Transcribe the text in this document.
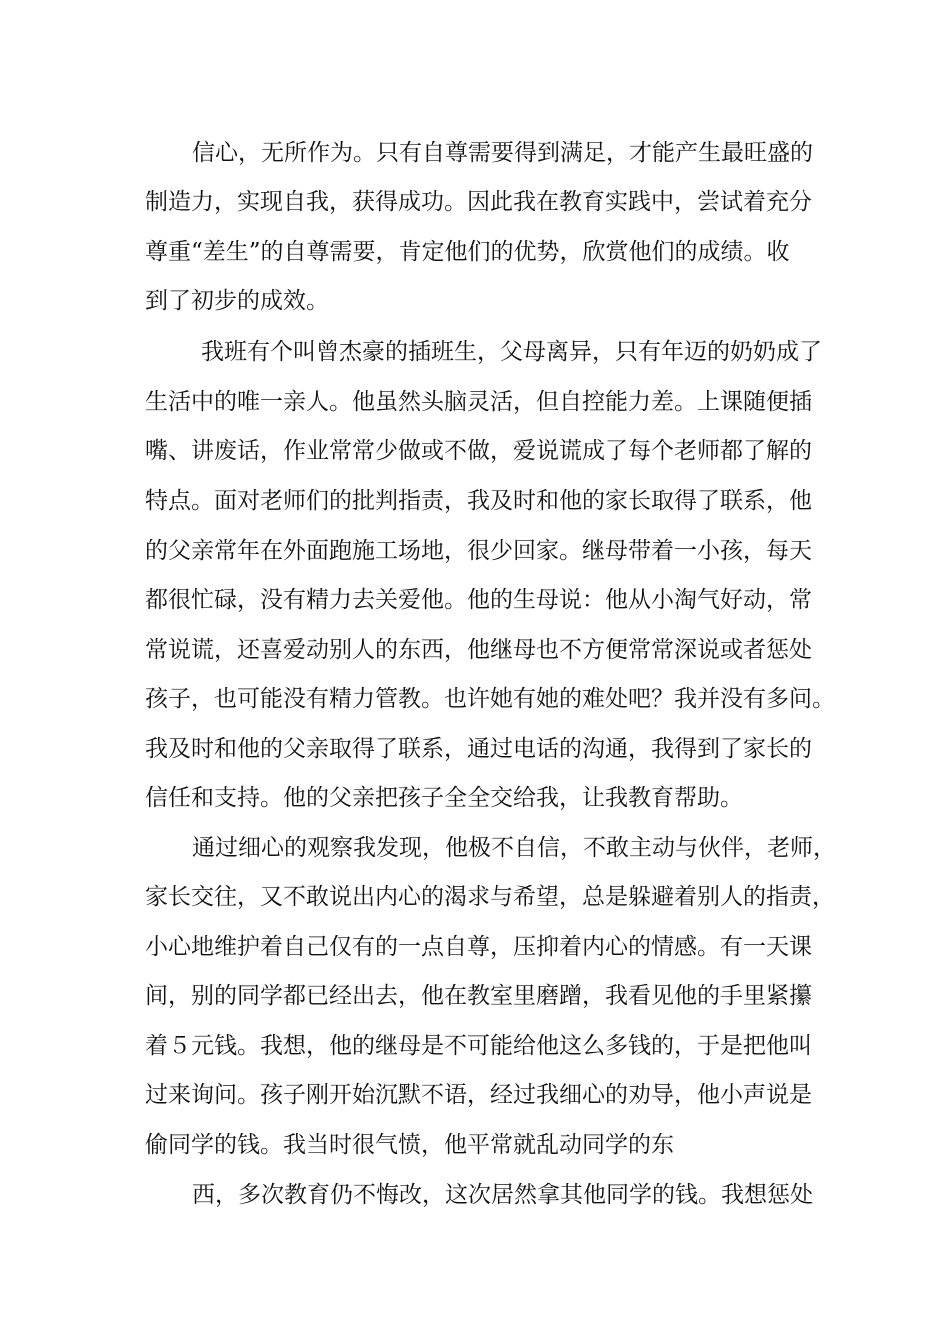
信心，无所作为。只有自尊需要得到满足，才能产生最旺盛的

制造力，实现自我，获得成功。因此我在教育实践中，尝试着充分

尊重“差生”的自尊需要，肯定他们的优势，欣赏他们的成绩。收

到了初步的成效。

我班有个叫曾杰豪的插班生，父母离异，只有年迈的奶奶成了

生活中的唯一亲人。他虽然头脑灵活，但自控能力差。上课随便插

嘴、讲废话，作业常常少做或不做，爱说谎成了每个老师都了解的

特点。面对老师们的批判指责，我及时和他的家长取得了联系，他

的父亲常年在外面跑施工场地，很少回家。继母带着一小孩，每天

都很忙碌，没有精力去关爱他。他的生母说：他从小淘气好动，常

常说谎，还喜爱动别人的东西，他继母也不方便常常深说或者惩处

孩子，也可能没有精力管教。也许她有她的难处吧？我并没有多问。

我及时和他的父亲取得了联系，通过电话的沟通，我得到了家长的

信任和支持。他的父亲把孩子全全交给我，让我教育帮助。

通过细心的观察我发现，他极不自信，不敢主动与伙伴，老师，

家长交往，又不敢说出内心的渴求与希望，总是躲避着别人的指责，

小心地维护着自己仅有的一点自尊，压抑着内心的情感。有一天课

间，别的同学都已经出去，他在教室里磨蹭，我看见他的手里紧攥

着５元钱。我想，他的继母是不可能给他这么多钱的，于是把他叫

过来询问。孩子刚开始沉默不语，经过我细心的劝导，他小声说是

偷同学的钱。我当时很气愤，他平常就乱动同学的东

西，多次教育仍不悔改，这次居然拿其他同学的钱。我想惩处
